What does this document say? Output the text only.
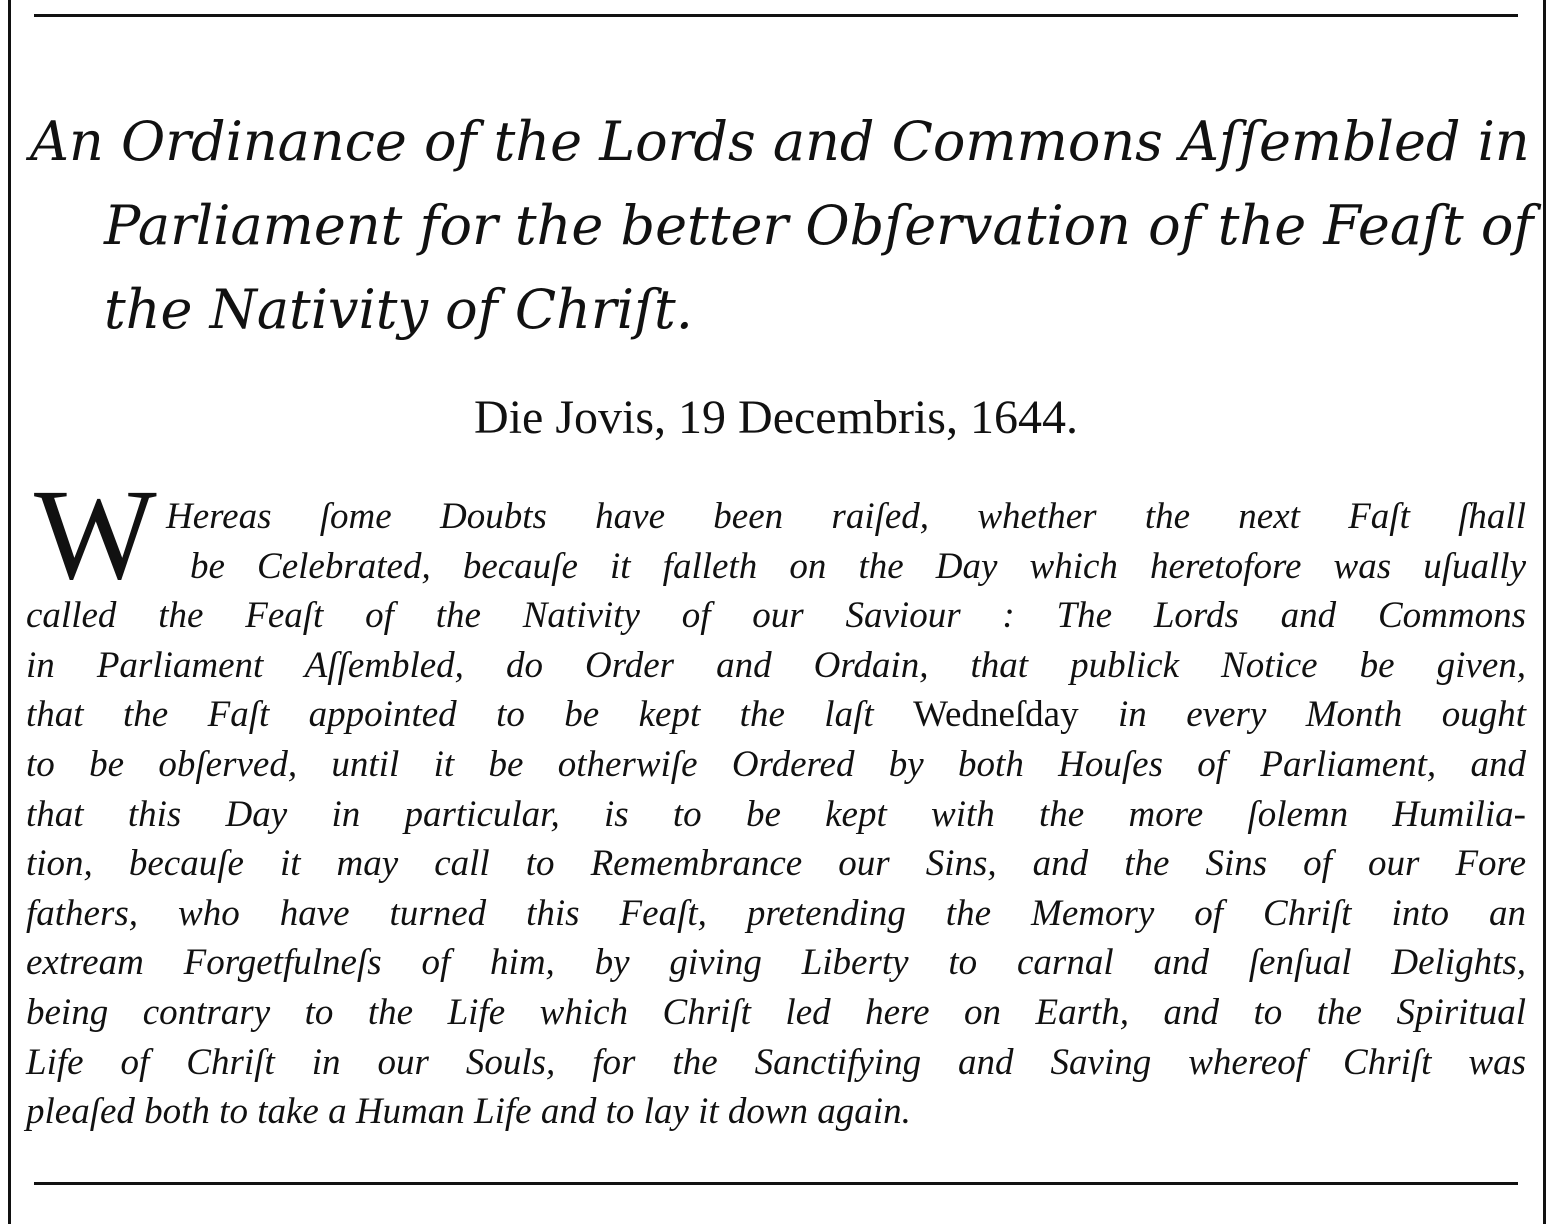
An Ordinance of the Lords and Commons Aſſembled in
Parliament for the better Obſervation of the Feaſt of
the Nativity of Chriſt.
Die Jovis, 19 Decembris, 1644.
W Hereas ſome Doubts have been raiſed, whether the next Faſt ſhall
be Celebrated, becauſe it falleth on the Day which heretofore was uſually
called the Feaſt of the Nativity of our Saviour : The Lords and Commons
in Parliament Aſſembled, do Order and Ordain, that publick Notice be given,
that the Faſt appointed to be kept the laſt Wedneſday in every Month ought
to be obſerved, until it be otherwiſe Ordered by both Houſes of Parliament, and
that this Day in particular, is to be kept with the more ſolemn Humilia-
tion, becauſe it may call to Remembrance our Sins, and the Sins of our Fore
fathers, who have turned this Feaſt, pretending the Memory of Chriſt into an
extream Forgetfulneſs of him, by giving Liberty to carnal and ſenſual Delights,
being contrary to the Life which Chriſt led here on Earth, and to the Spiritual
Life of Chriſt in our Souls, for the Sanctifying and Saving whereof Chriſt was
pleaſed both to take a Human Life and to lay it down again.
